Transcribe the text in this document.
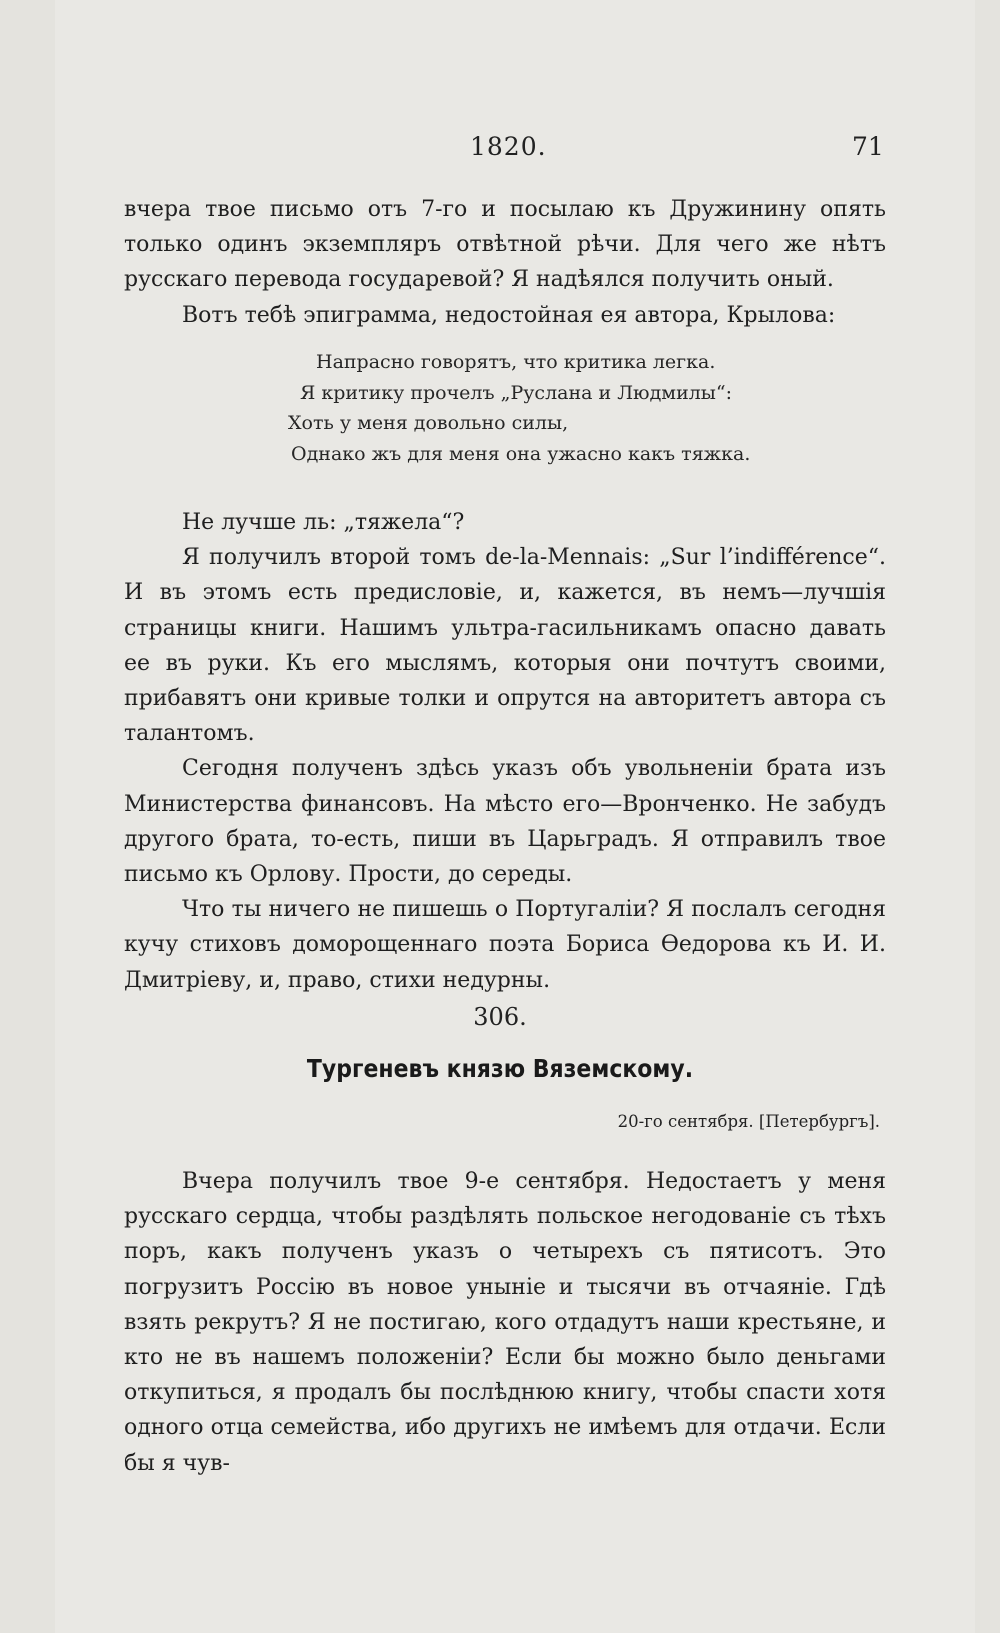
1820.	71

вчера твое письмо отъ 7-го и посылаю къ Дружинину опять только одинъ экземпляръ отвѣтной рѣчи. Для чего же нѣтъ русскаго перевода государевой? Я надѣялся получить оный.

Вотъ тебѣ эпиграмма, недостойная ея автора, Крылова:

Напрасно говорятъ, что критика легка.
Я критику прочелъ „Руслана и Людмилы“:
Хоть у меня довольно силы,
Однако жъ для меня она ужасно какъ тяжка.

Не лучше ль: „тяжела“?

Я получилъ второй томъ de-la-Mennais: „Sur l’indifférence“. И въ этомъ есть предисловіе, и, кажется, въ немъ—лучшія страницы книги. Нашимъ ультра-гасильникамъ опасно давать ее въ руки. Къ его мыслямъ, которыя они почтутъ своими, прибавятъ они кривые толки и опрутся на авторитетъ автора съ талантомъ.

Сегодня полученъ здѣсь указъ объ увольненіи брата изъ Министерства финансовъ. На мѣсто его—Вронченко. Не забудъ другого брата, то-есть, пиши въ Царьградъ. Я отправилъ твое письмо къ Орлову. Прости, до середы.

Что ты ничего не пишешь о Португаліи? Я послалъ сегодня кучу стиховъ доморощеннаго поэта Бориса Өедорова къ И. И. Дмитріеву, и, право, стихи недурны.

306.
Тургеневъ князю Вяземскому.
20-го сентября. [Петербургъ].

Вчера получилъ твое 9-е сентября. Недостаетъ у меня русскаго сердца, чтобы раздѣлять польское негодованіе съ тѣхъ поръ, какъ полученъ указъ о четырехъ съ пятисотъ. Это погрузитъ Россію въ новое уныніе и тысячи въ отчаяніе. Гдѣ взять рекрутъ? Я не постигаю, кого отдадутъ наши крестьяне, и кто не въ нашемъ положеніи? Если бы можно было деньгами откупиться, я продалъ бы послѣднюю книгу, чтобы спасти хотя одного отца семейства, ибо другихъ не имѣемъ для отдачи. Если бы я чув-
